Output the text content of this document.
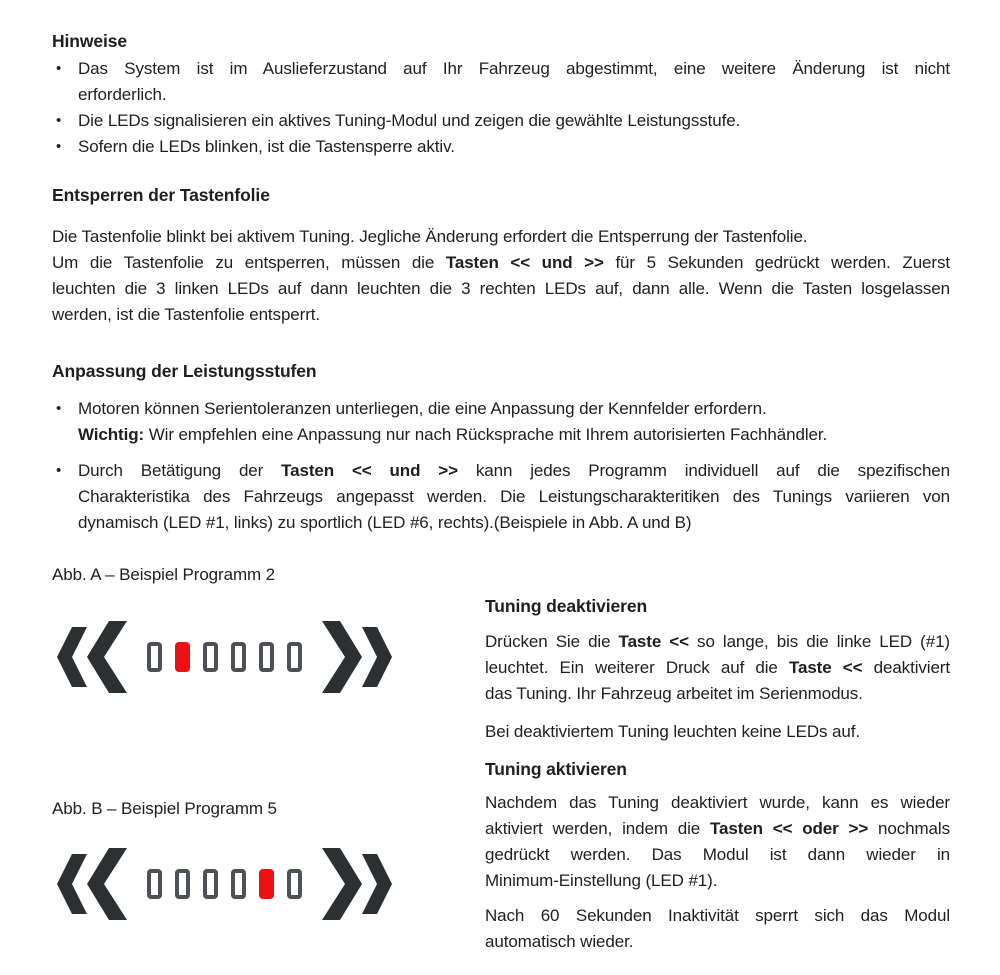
Hinweise
• Das System ist im Auslieferzustand auf Ihr Fahrzeug abgestimmt, eine weitere Änderung ist nicht
erforderlich.
• Die LEDs signalisieren ein aktives Tuning-Modul und zeigen die gewählte Leistungsstufe.
• Sofern die LEDs blinken, ist die Tastensperre aktiv.
Entsperren der Tastenfolie
Die Tastenfolie blinkt bei aktivem Tuning. Jegliche Änderung erfordert die Entsperrung der Tastenfolie.
Um die Tastenfolie zu entsperren, müssen die Tasten << und >> für 5 Sekunden gedrückt werden. Zuerst
leuchten die 3 linken LEDs auf dann leuchten die 3 rechten LEDs auf, dann alle. Wenn die Tasten losgelassen
werden, ist die Tastenfolie entsperrt.
Anpassung der Leistungsstufen
• Motoren können Serientoleranzen unterliegen, die eine Anpassung der Kennfelder erfordern.
Wichtig: Wir empfehlen eine Anpassung nur nach Rücksprache mit Ihrem autorisierten Fachhändler.
• Durch Betätigung der Tasten << und >> kann jedes Programm individuell auf die spezifischen
Charakteristika des Fahrzeugs angepasst werden. Die Leistungscharakteritiken des Tunings variieren von
dynamisch (LED #1, links) zu sportlich (LED #6, rechts).(Beispiele in Abb. A und B)
Abb. A – Beispiel Programm 2
Abb. B – Beispiel Programm 5
Tuning deaktivieren
Drücken Sie die Taste << so lange, bis die linke LED (#1)
leuchtet. Ein weiterer Druck auf die Taste << deaktiviert
das Tuning. Ihr Fahrzeug arbeitet im Serienmodus.
Bei deaktiviertem Tuning leuchten keine LEDs auf.
Tuning aktivieren
Nachdem das Tuning deaktiviert wurde, kann es wieder
aktiviert werden, indem die Tasten << oder >> nochmals
gedrückt werden. Das Modul ist dann wieder in
Minimum-Einstellung (LED #1).
Nach 60 Sekunden Inaktivität sperrt sich das Modul
automatisch wieder.
